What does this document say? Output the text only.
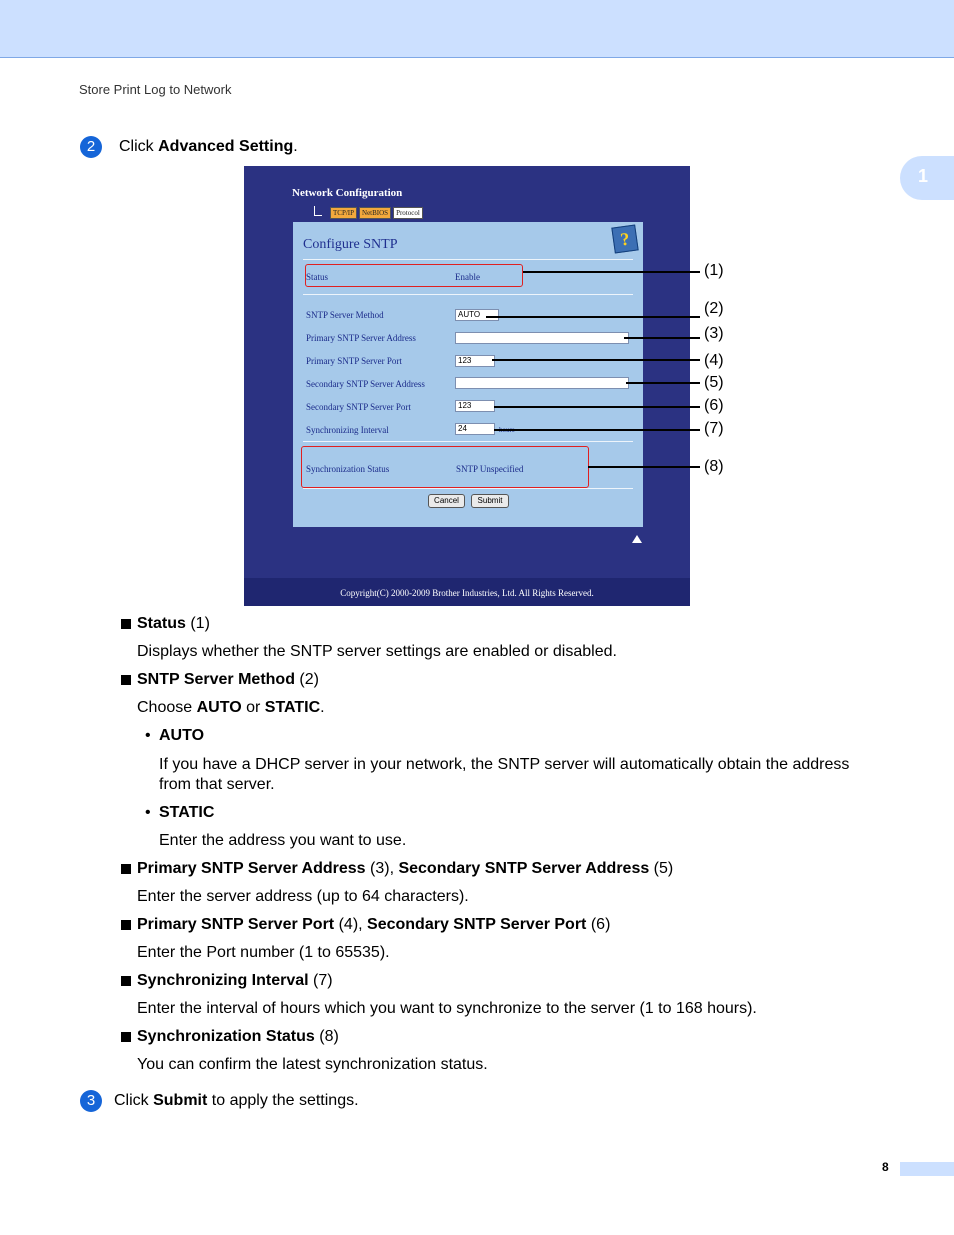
Store Print Log to Network
1
2	Click Advanced Setting.
Network Configuration
TCP/IP	NetBIOS	Protocol
Configure SNTP	?
Status	Enable
SNTP Server Method	AUTO
Primary SNTP Server Address
Primary SNTP Server Port	123
Secondary SNTP Server Address
Secondary SNTP Server Port	123
Synchronizing Interval	24
Synchronization Status	SNTP Unspecified
Cancel	Submit
Copyright(C) 2000-2009 Brother Industries, Ltd. All Rights Reserved.
(1)
(2)
(3)
(4)
(5)
(6)
(7)
(8)
Status (1)
Displays whether the SNTP server settings are enabled or disabled.
SNTP Server Method (2)
Choose AUTO or STATIC.
• AUTO
If you have a DHCP server in your network, the SNTP server will automatically obtain the address
from that server.
• STATIC
Enter the address you want to use.
Primary SNTP Server Address (3), Secondary SNTP Server Address (5)
Enter the server address (up to 64 characters).
Primary SNTP Server Port (4), Secondary SNTP Server Port (6)
Enter the Port number (1 to 65535).
Synchronizing Interval (7)
Enter the interval of hours which you want to synchronize to the server (1 to 168 hours).
Synchronization Status (8)
You can confirm the latest synchronization status.
3	Click Submit to apply the settings.
8
